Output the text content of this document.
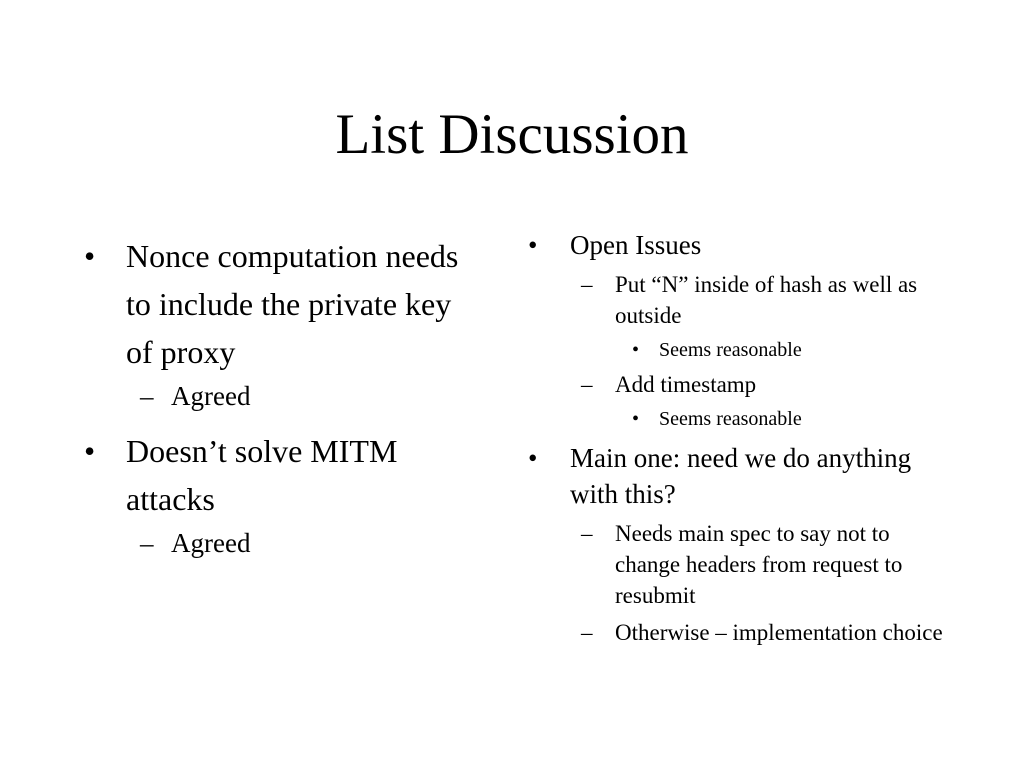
List Discussion
• Nonce computation needs to include the private key of proxy
– Agreed
• Doesn’t solve MITM attacks
– Agreed
• Open Issues
– Put “N” inside of hash as well as outside
• Seems reasonable
– Add timestamp
• Seems reasonable
• Main one: need we do anything with this?
– Needs main spec to say not to change headers from request to resubmit
– Otherwise – implementation choice
